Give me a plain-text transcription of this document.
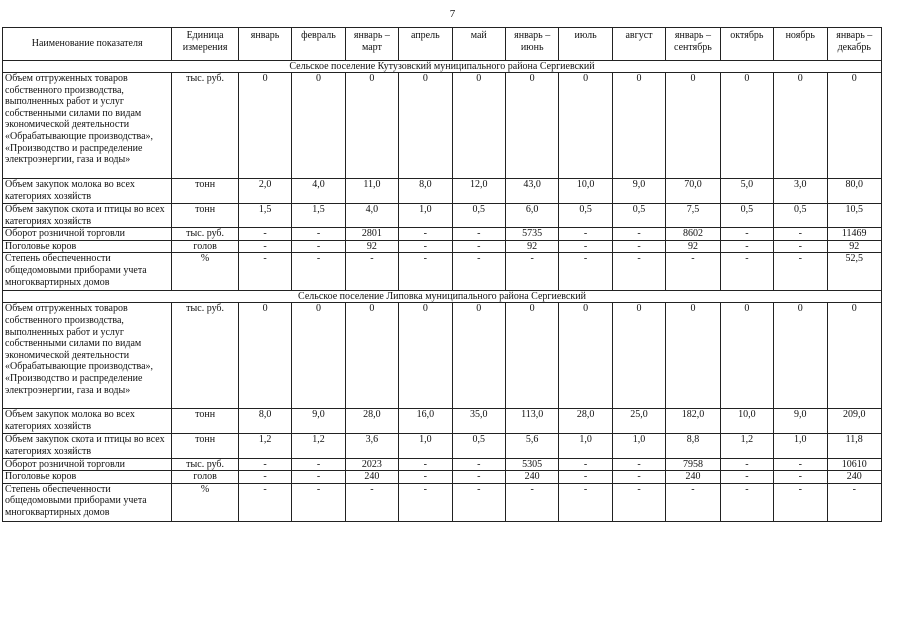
7
Наименование показателя	Единица измерения	январь	февраль	январь – март	апрель	май	январь – июнь	июль	август	январь – сентябрь	октябрь	ноябрь	январь – декабрь
Сельское поселение Кутузовский муниципального района Сергиевский													
Объем отгруженных товаров собственного производства, выполненных работ и услуг собственными силами по видам экономической деятельности «Обрабатывающие производства», «Производство и распределение электроэнергии, газа и воды»	тыс. руб.	0	0	0	0	0	0	0	0	0	0	0	0
Объем закупок молока во всех категориях хозяйств	тонн	2,0	4,0	11,0	8,0	12,0	43,0	10,0	9,0	70,0	5,0	3,0	80,0
Объем закупок скота и птицы во всех категориях хозяйств	тонн	1,5	1,5	4,0	1,0	0,5	6,0	0,5	0,5	7,5	0,5	0,5	10,5
Оборот розничной торговли	тыс. руб.	-	-	2801	-	-	5735	-	-	8602	-	-	11469
Поголовье коров	голов	-	-	92	-	-	92	-	-	92	-	-	92
Степень обеспеченности общедомовыми приборами учета многоквартирных домов	%	-	-	-	-	-	-	-	-	-	-	-	52,5
Сельское поселение Липовка муниципального района Сергиевский													
Объем отгруженных товаров собственного производства, выполненных работ и услуг собственными силами по видам экономической деятельности «Обрабатывающие производства», «Производство и распределение электроэнергии, газа и воды»	тыс. руб.	0	0	0	0	0	0	0	0	0	0	0	0
Объем закупок молока во всех категориях хозяйств	тонн	8,0	9,0	28,0	16,0	35,0	113,0	28,0	25,0	182,0	10,0	9,0	209,0
Объем закупок скота и птицы во всех категориях хозяйств	тонн	1,2	1,2	3,6	1,0	0,5	5,6	1,0	1,0	8,8	1,2	1,0	11,8
Оборот розничной торговли	тыс. руб.	-	-	2023	-	-	5305	-	-	7958	-	-	10610
Поголовье коров	голов	-	-	240	-	-	240	-	-	240	-	-	240
Степень обеспеченности общедомовыми приборами учета многоквартирных домов	%	-	-	-	-	-	-	-	-	-	-	-	-
